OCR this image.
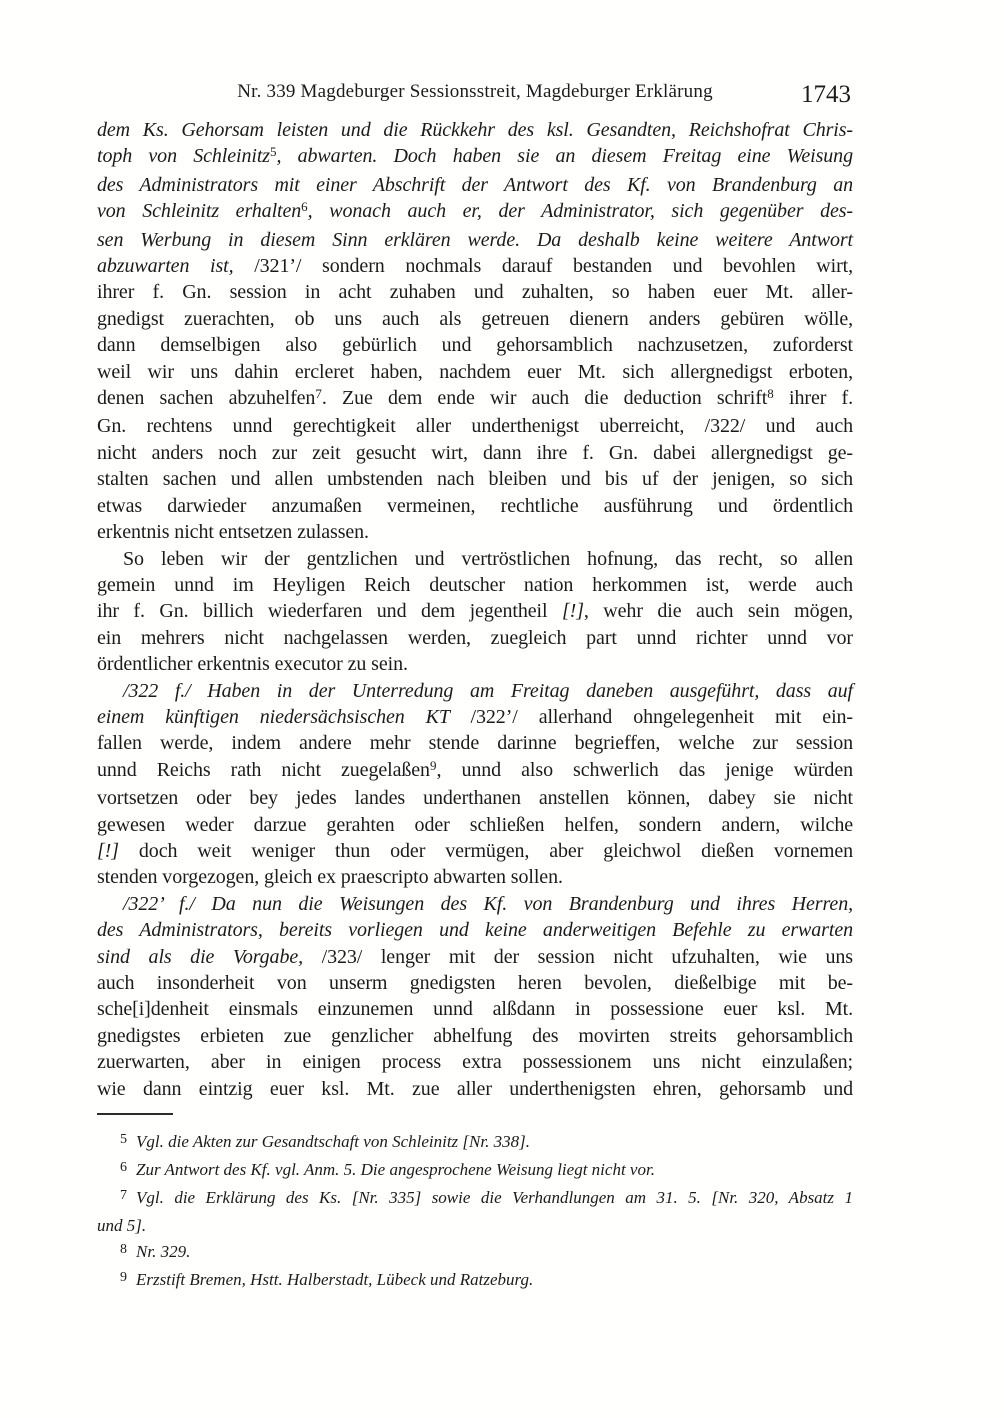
Nr. 339 Magdeburger Sessionsstreit, Magdeburger Erklärung	1743
dem Ks. Gehorsam leisten und die Rückkehr des ksl. Gesandten, Reichshofrat Chris-
toph von Schleinitz$^5$, abwarten. Doch haben sie an diesem Freitag eine Weisung
des Administrators mit einer Abschrift der Antwort des Kf. von Brandenburg an
von Schleinitz erhalten$^6$, wonach auch er, der Administrator, sich gegenüber des-
sen Werbung in diesem Sinn erklären werde. Da deshalb keine weitere Antwort
abzuwarten ist, /321’/ sondern nochmals darauf bestanden und bevohlen wirt,
ihrer f. Gn. session in acht zuhaben und zuhalten, so haben euer Mt. aller-
gnedigst zuerachten, ob uns auch als getreuen dienern anders gebüren wölle,
dann demselbigen also gebürlich und gehorsamblich nachzusetzen, zuforderst
weil wir uns dahin ercleret haben, nachdem euer Mt. sich allergnedigst erboten,
denen sachen abzuhelfen$^7$. Zue dem ende wir auch die deduction schrift$^8$ ihrer f.
Gn. rechtens unnd gerechtigkeit aller underthenigst uberreicht, /322/ und auch
nicht anders noch zur zeit gesucht wirt, dann ihre f. Gn. dabei allergnedigst ge-
stalten sachen und allen umbstenden nach bleiben und bis uf der jenigen, so sich
etwas darwieder anzumaßen vermeinen, rechtliche ausführung und ördentlich
erkentnis nicht entsetzen zulassen.
So leben wir der gentzlichen und vertröstlichen hofnung, das recht, so allen
gemein unnd im Heyligen Reich deutscher nation herkommen ist, werde auch
ihr f. Gn. billich wiederfaren und dem jegentheil [!], wehr die auch sein mögen,
ein mehrers nicht nachgelassen werden, zuegleich part unnd richter unnd vor
ördentlicher erkentnis executor zu sein.
/322 f./ Haben in der Unterredung am Freitag daneben ausgeführt, dass auf
einem künftigen niedersächsischen KT /322’/ allerhand ohngelegenheit mit ein-
fallen werde, indem andere mehr stende darinne begrieffen, welche zur session
unnd Reichs rath nicht zuegelaßen$^9$, unnd also schwerlich das jenige würden
vortsetzen oder bey jedes landes underthanen anstellen können, dabey sie nicht
gewesen weder darzue gerahten oder schließen helfen, sondern andern, wilche
[!] doch weit weniger thun oder vermügen, aber gleichwol dießen vornemen
stenden vorgezogen, gleich ex praescripto abwarten sollen.
/322’ f./ Da nun die Weisungen des Kf. von Brandenburg und ihres Herren,
des Administrators, bereits vorliegen und keine anderweitigen Befehle zu erwarten
sind als die Vorgabe, /323/ lenger mit der session nicht ufzuhalten, wie uns
auch insonderheit von unserm gnedigsten heren bevolen, dießelbige mit be-
sche[i]denheit einsmals einzunemen unnd alßdann in possessione euer ksl. Mt.
gnedigstes erbieten zue genzlicher abhelfung des movirten streits gehorsamblich
zuerwarten, aber in einigen process extra possessionem uns nicht einzulaßen;
wie dann eintzig euer ksl. Mt. zue aller underthenigsten ehren, gehorsamb und
$^5$ Vgl. die Akten zur Gesandtschaft von Schleinitz [Nr. 338].
$^6$ Zur Antwort des Kf. vgl. Anm. 5. Die angesprochene Weisung liegt nicht vor.
$^7$ Vgl. die Erklärung des Ks. [Nr. 335] sowie die Verhandlungen am 31. 5. [Nr. 320, Absatz 1
und 5].
$^8$ Nr. 329.
$^9$ Erzstift Bremen, Hstt. Halberstadt, Lübeck und Ratzeburg.
